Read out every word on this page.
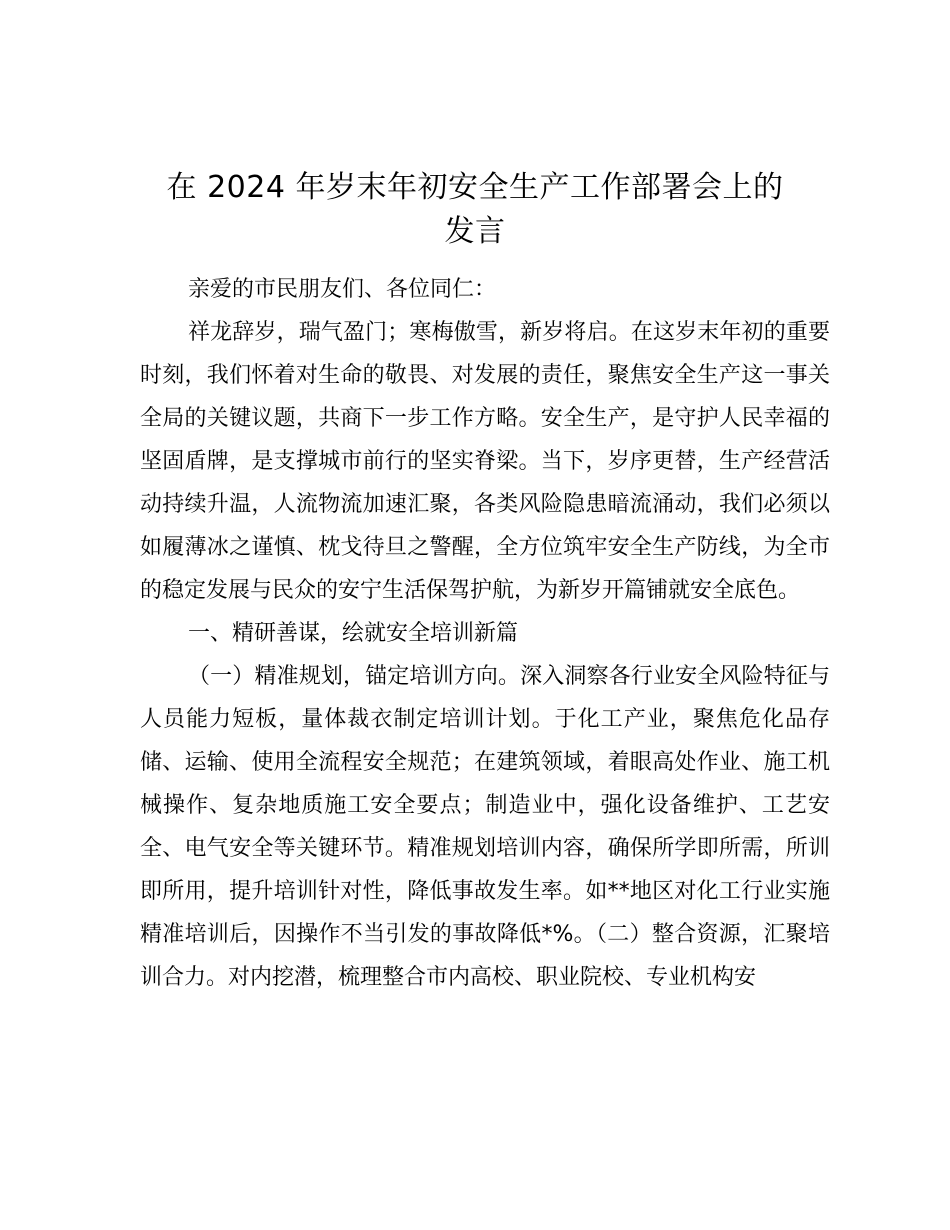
在 2024 年岁末年初安全生产工作部署会上的
发言

亲爱的市民朋友们、各位同仁：

祥龙辞岁，瑞气盈门；寒梅傲雪，新岁将启。在这岁末年初的重要时刻，我们怀着对生命的敬畏、对发展的责任，聚焦安全生产这一事关全局的关键议题，共商下一步工作方略。安全生产，是守护人民幸福的坚固盾牌，是支撑城市前行的坚实脊梁。当下，岁序更替，生产经营活动持续升温，人流物流加速汇聚，各类风险隐患暗流涌动，我们必须以如履薄冰之谨慎、枕戈待旦之警醒，全方位筑牢安全生产防线，为全市的稳定发展与民众的安宁生活保驾护航，为新岁开篇铺就安全底色。

一、精研善谋，绘就安全培训新篇

（一）精准规划，锚定培训方向。深入洞察各行业安全风险特征与人员能力短板，量体裁衣制定培训计划。于化工产业，聚焦危化品存储、运输、使用全流程安全规范；在建筑领域，着眼高处作业、施工机械操作、复杂地质施工安全要点；制造业中，强化设备维护、工艺安全、电气安全等关键环节。精准规划培训内容，确保所学即所需，所训即所用，提升培训针对性，降低事故发生率。如**地区对化工行业实施精准培训后，因操作不当引发的事故降低*%。（二）整合资源，汇聚培训合力。对内挖潜，梳理整合市内高校、职业院校、专业机构安
